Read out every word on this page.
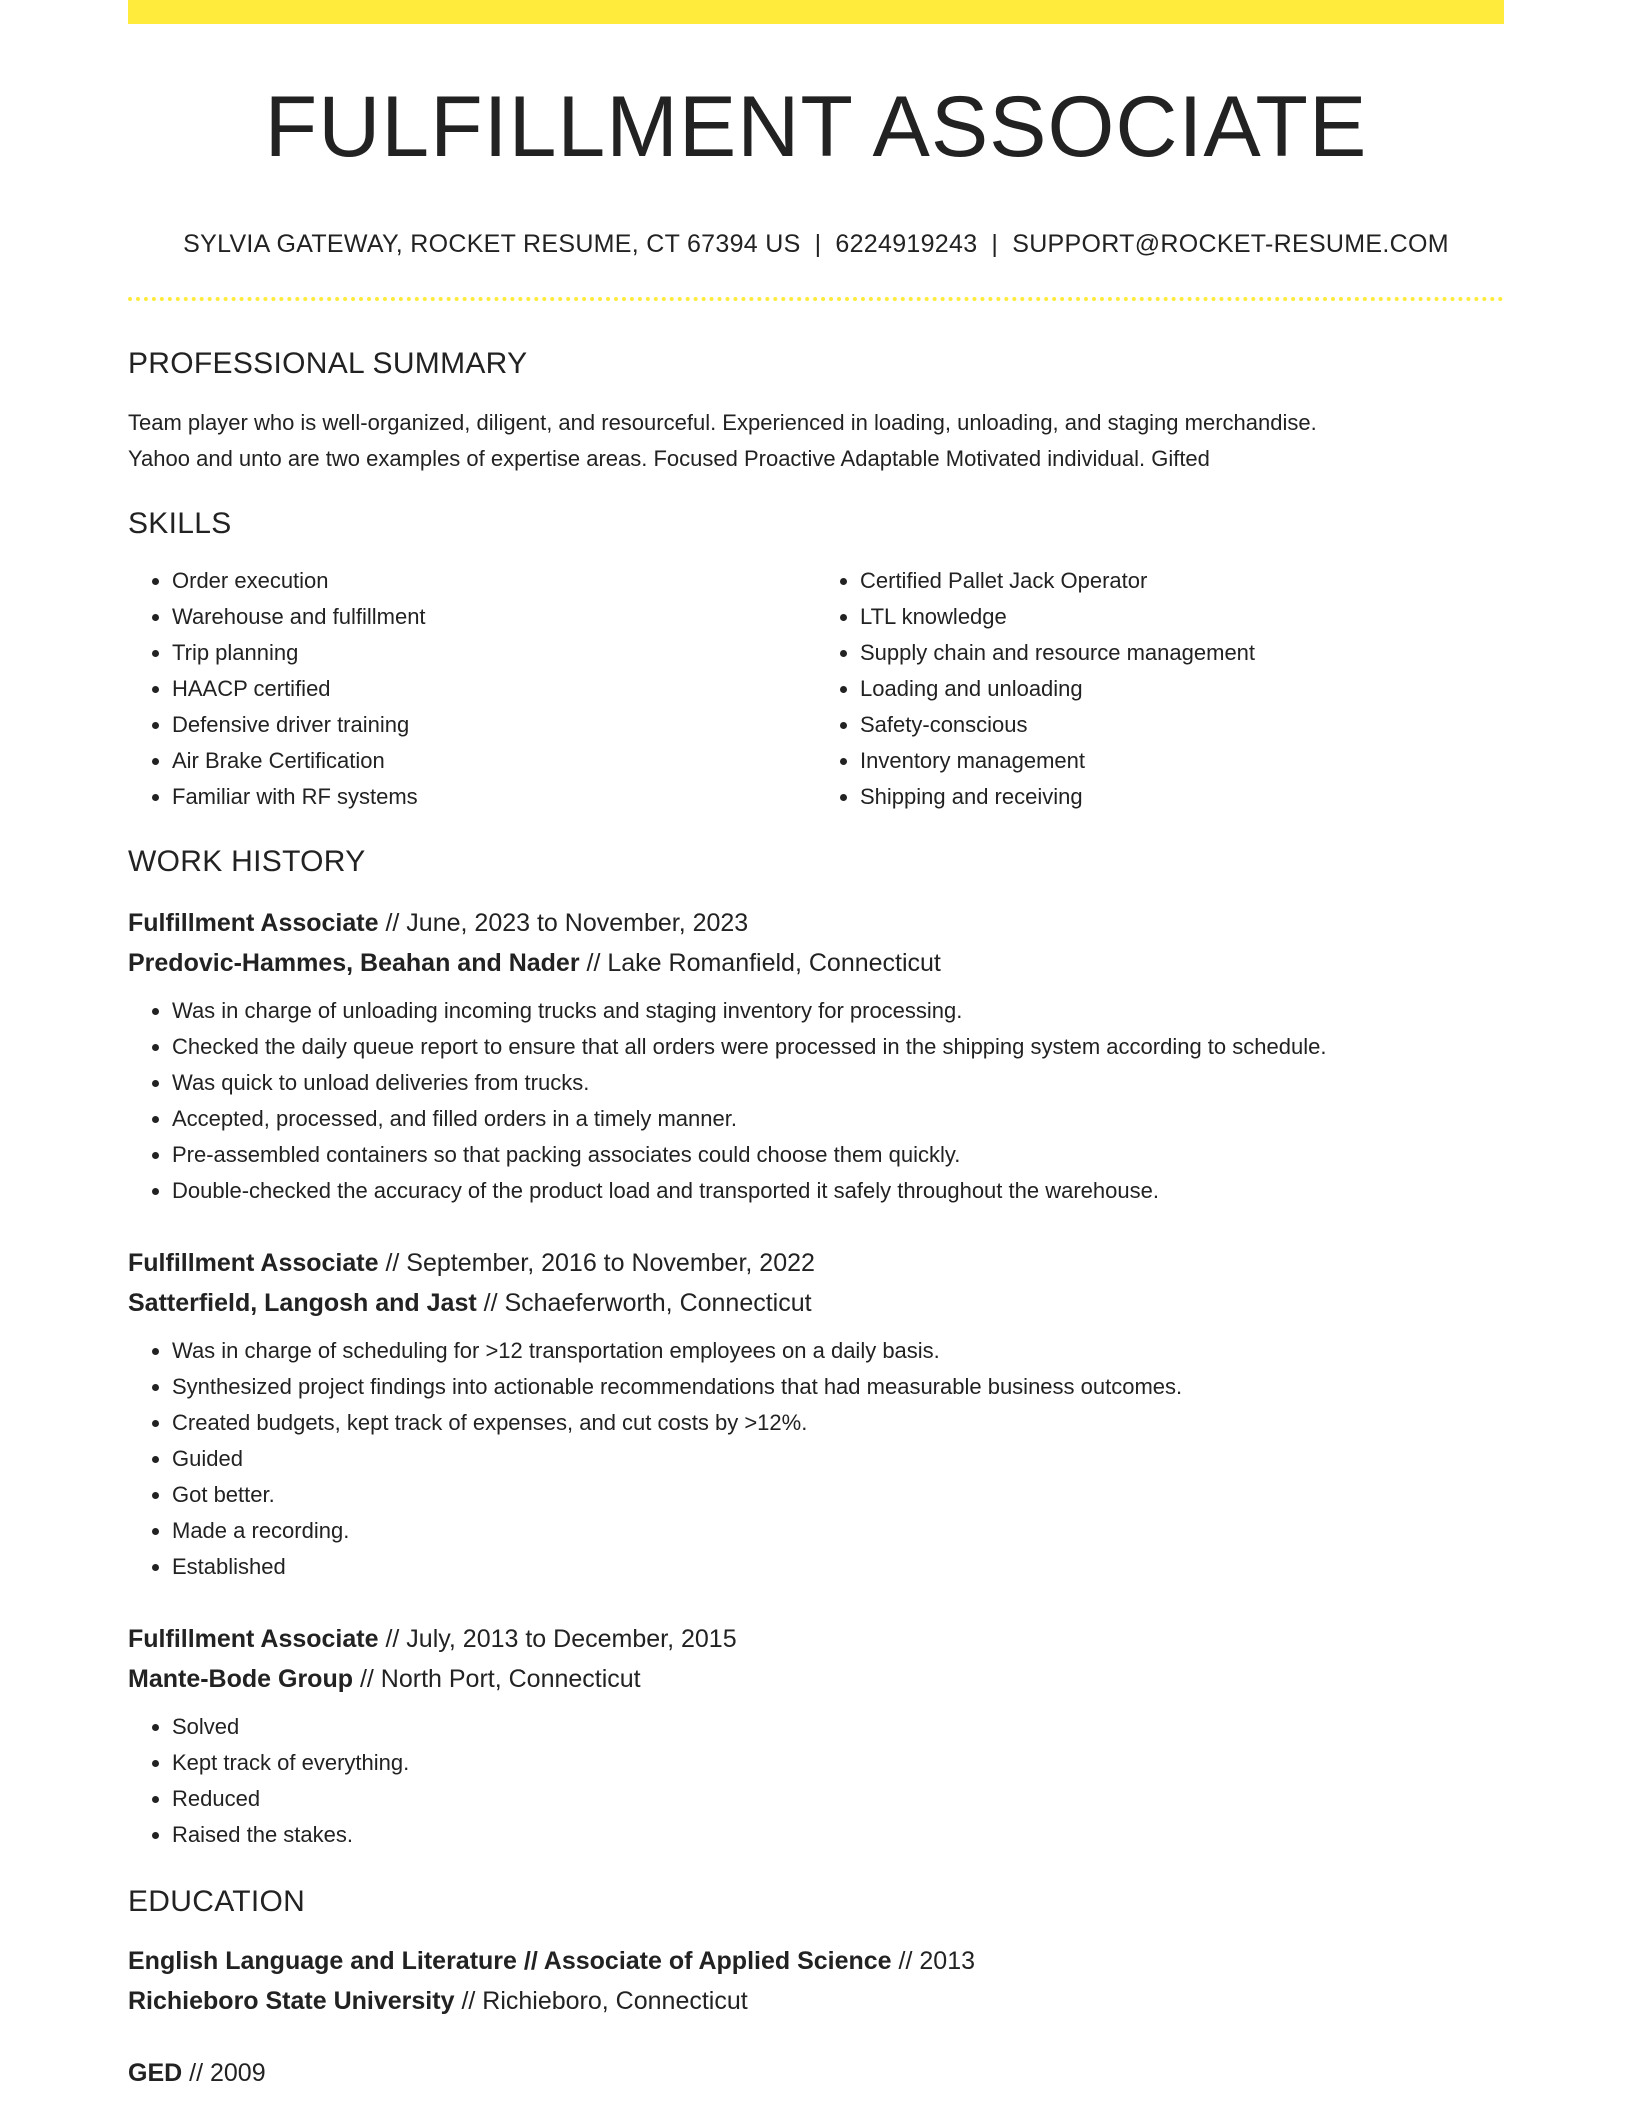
FULFILLMENT ASSOCIATE
SYLVIA GATEWAY, ROCKET RESUME, CT 67394 US | 6224919243 | SUPPORT@ROCKET-RESUME.COM
PROFESSIONAL SUMMARY
Team player who is well-organized, diligent, and resourceful. Experienced in loading, unloading, and staging merchandise.
Yahoo and unto are two examples of expertise areas. Focused Proactive Adaptable Motivated individual. Gifted
SKILLS
• Order execution
• Warehouse and fulfillment
• Trip planning
• HAACP certified
• Defensive driver training
• Air Brake Certification
• Familiar with RF systems
• Certified Pallet Jack Operator
• LTL knowledge
• Supply chain and resource management
• Loading and unloading
• Safety-conscious
• Inventory management
• Shipping and receiving
WORK HISTORY
Fulfillment Associate // June, 2023 to November, 2023
Predovic-Hammes, Beahan and Nader // Lake Romanfield, Connecticut
• Was in charge of unloading incoming trucks and staging inventory for processing.
• Checked the daily queue report to ensure that all orders were processed in the shipping system according to schedule.
• Was quick to unload deliveries from trucks.
• Accepted, processed, and filled orders in a timely manner.
• Pre-assembled containers so that packing associates could choose them quickly.
• Double-checked the accuracy of the product load and transported it safely throughout the warehouse.
Fulfillment Associate // September, 2016 to November, 2022
Satterfield, Langosh and Jast // Schaeferworth, Connecticut
• Was in charge of scheduling for >12 transportation employees on a daily basis.
• Synthesized project findings into actionable recommendations that had measurable business outcomes.
• Created budgets, kept track of expenses, and cut costs by >12%.
• Guided
• Got better.
• Made a recording.
• Established
Fulfillment Associate // July, 2013 to December, 2015
Mante-Bode Group // North Port, Connecticut
• Solved
• Kept track of everything.
• Reduced
• Raised the stakes.
EDUCATION
English Language and Literature // Associate of Applied Science // 2013
Richieboro State University // Richieboro, Connecticut
GED // 2009
